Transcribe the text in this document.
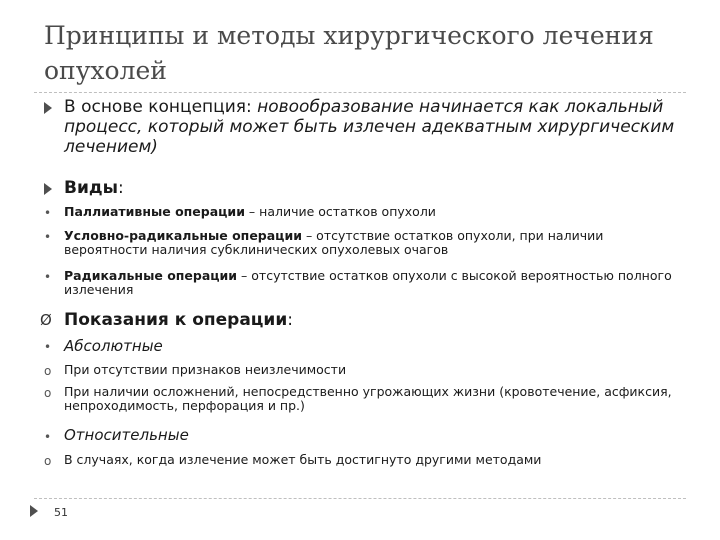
Принципы и методы хирургического лечения опухолей
В основе концепция: новообразование начинается как локальный процесс, который может быть излечен адекватным хирургическим лечением)
Виды:
• Паллиативные операции – наличие остатков опухоли
• Условно-радикальные операции – отсутствие остатков опухоли, при наличии вероятности наличия субклинических опухолевых очагов
• Радикальные операции – отсутствие остатков опухоли с высокой вероятностью полного излечения
Ø Показания к операции:
• Абсолютные
o При отсутствии признаков неизлечимости
o При наличии осложнений, непосредственно угрожающих жизни (кровотечение, асфиксия, непроходимость, перфорация и пр.)
• Относительные
o В случаях, когда излечение может быть достигнуто другими методами
51
